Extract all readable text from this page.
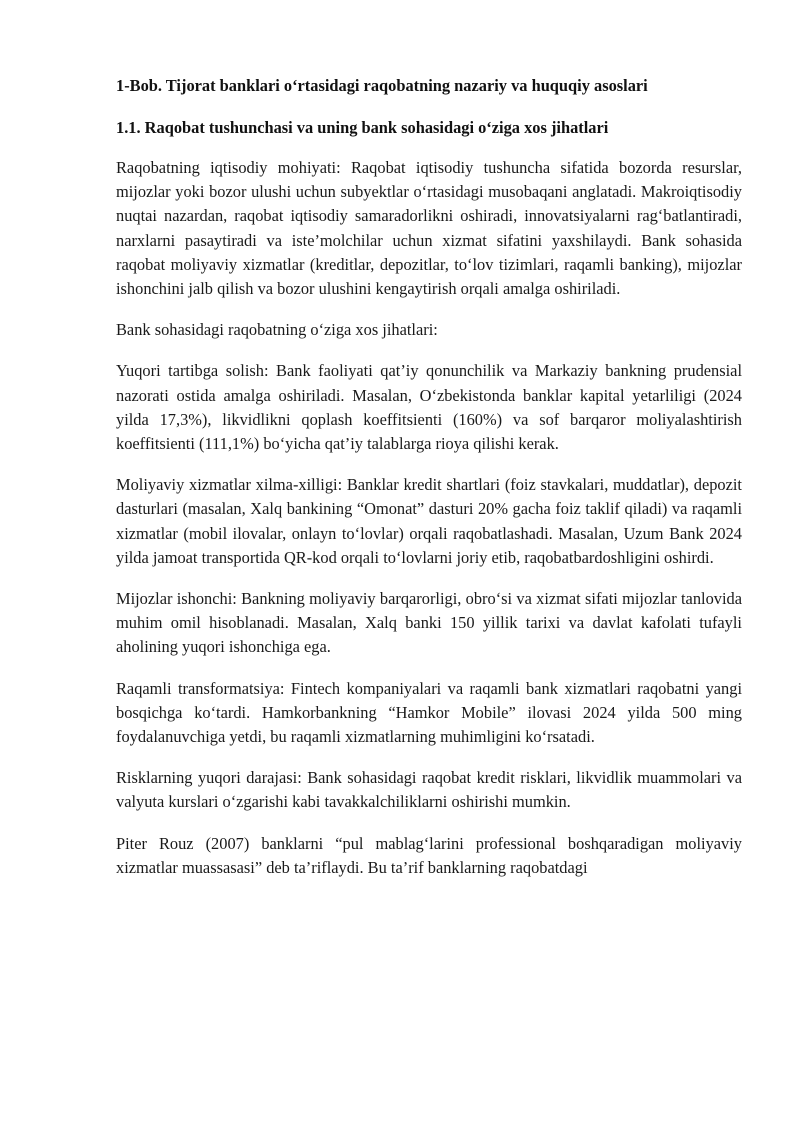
1-Bob. Tijorat banklari o‘rtasidagi raqobatning nazariy va huquqiy asoslari
1.1. Raqobat tushunchasi va uning bank sohasidagi o‘ziga xos jihatlari

Raqobatning iqtisodiy mohiyati: Raqobat iqtisodiy tushuncha sifatida bozorda resurslar, mijozlar yoki bozor ulushi uchun subyektlar o‘rtasidagi musobaqani anglatadi. Makroiqtisodiy nuqtai nazardan, raqobat iqtisodiy samaradorlikni oshiradi, innovatsiyalarni rag‘batlantiradi, narxlarni pasaytiradi va iste’molchilar uchun xizmat sifatini yaxshilaydi. Bank sohasida raqobat moliyaviy xizmatlar (kreditlar, depozitlar, to‘lov tizimlari, raqamli banking), mijozlar ishonchini jalb qilish va bozor ulushini kengaytirish orqali amalga oshiriladi.

Bank sohasidagi raqobatning o‘ziga xos jihatlari:

Yuqori tartibga solish: Bank faoliyati qat’iy qonunchilik va Markaziy bankning prudensial nazorati ostida amalga oshiriladi. Masalan, O‘zbekistonda banklar kapital yetarliligi (2024 yilda 17,3%), likvidlikni qoplash koeffitsienti (160%) va sof barqaror moliyalashtirish koeffitsienti (111,1%) bo‘yicha qat’iy talablarga rioya qilishi kerak.

Moliyaviy xizmatlar xilma-xilligi: Banklar kredit shartlari (foiz stavkalari, muddatlar), depozit dasturlari (masalan, Xalq bankining “Omonat” dasturi 20% gacha foiz taklif qiladi) va raqamli xizmatlar (mobil ilovalar, onlayn to‘lovlar) orqali raqobatlashadi. Masalan, Uzum Bank 2024 yilda jamoat transportida QR-kod orqali to‘lovlarni joriy etib, raqobatbardoshligini oshirdi.

Mijozlar ishonchi: Bankning moliyaviy barqarorligi, obro‘si va xizmat sifati mijozlar tanlovida muhim omil hisoblanadi. Masalan, Xalq banki 150 yillik tarixi va davlat kafolati tufayli aholining yuqori ishonchiga ega.

Raqamli transformatsiya: Fintech kompaniyalari va raqamli bank xizmatlari raqobatni yangi bosqichga ko‘tardi. Hamkorbankning “Hamkor Mobile” ilovasi 2024 yilda 500 ming foydalanuvchiga yetdi, bu raqamli xizmatlarning muhimligini ko‘rsatadi.

Risklarning yuqori darajasi: Bank sohasidagi raqobat kredit risklari, likvidlik muammolari va valyuta kurslari o‘zgarishi kabi tavakkalchiliklarni oshirishi mumkin.

Piter Rouz (2007) banklarni “pul mablag‘larini professional boshqaradigan moliyaviy xizmatlar muassasasi” deb ta’riflaydi. Bu ta’rif banklarning raqobatdagi
